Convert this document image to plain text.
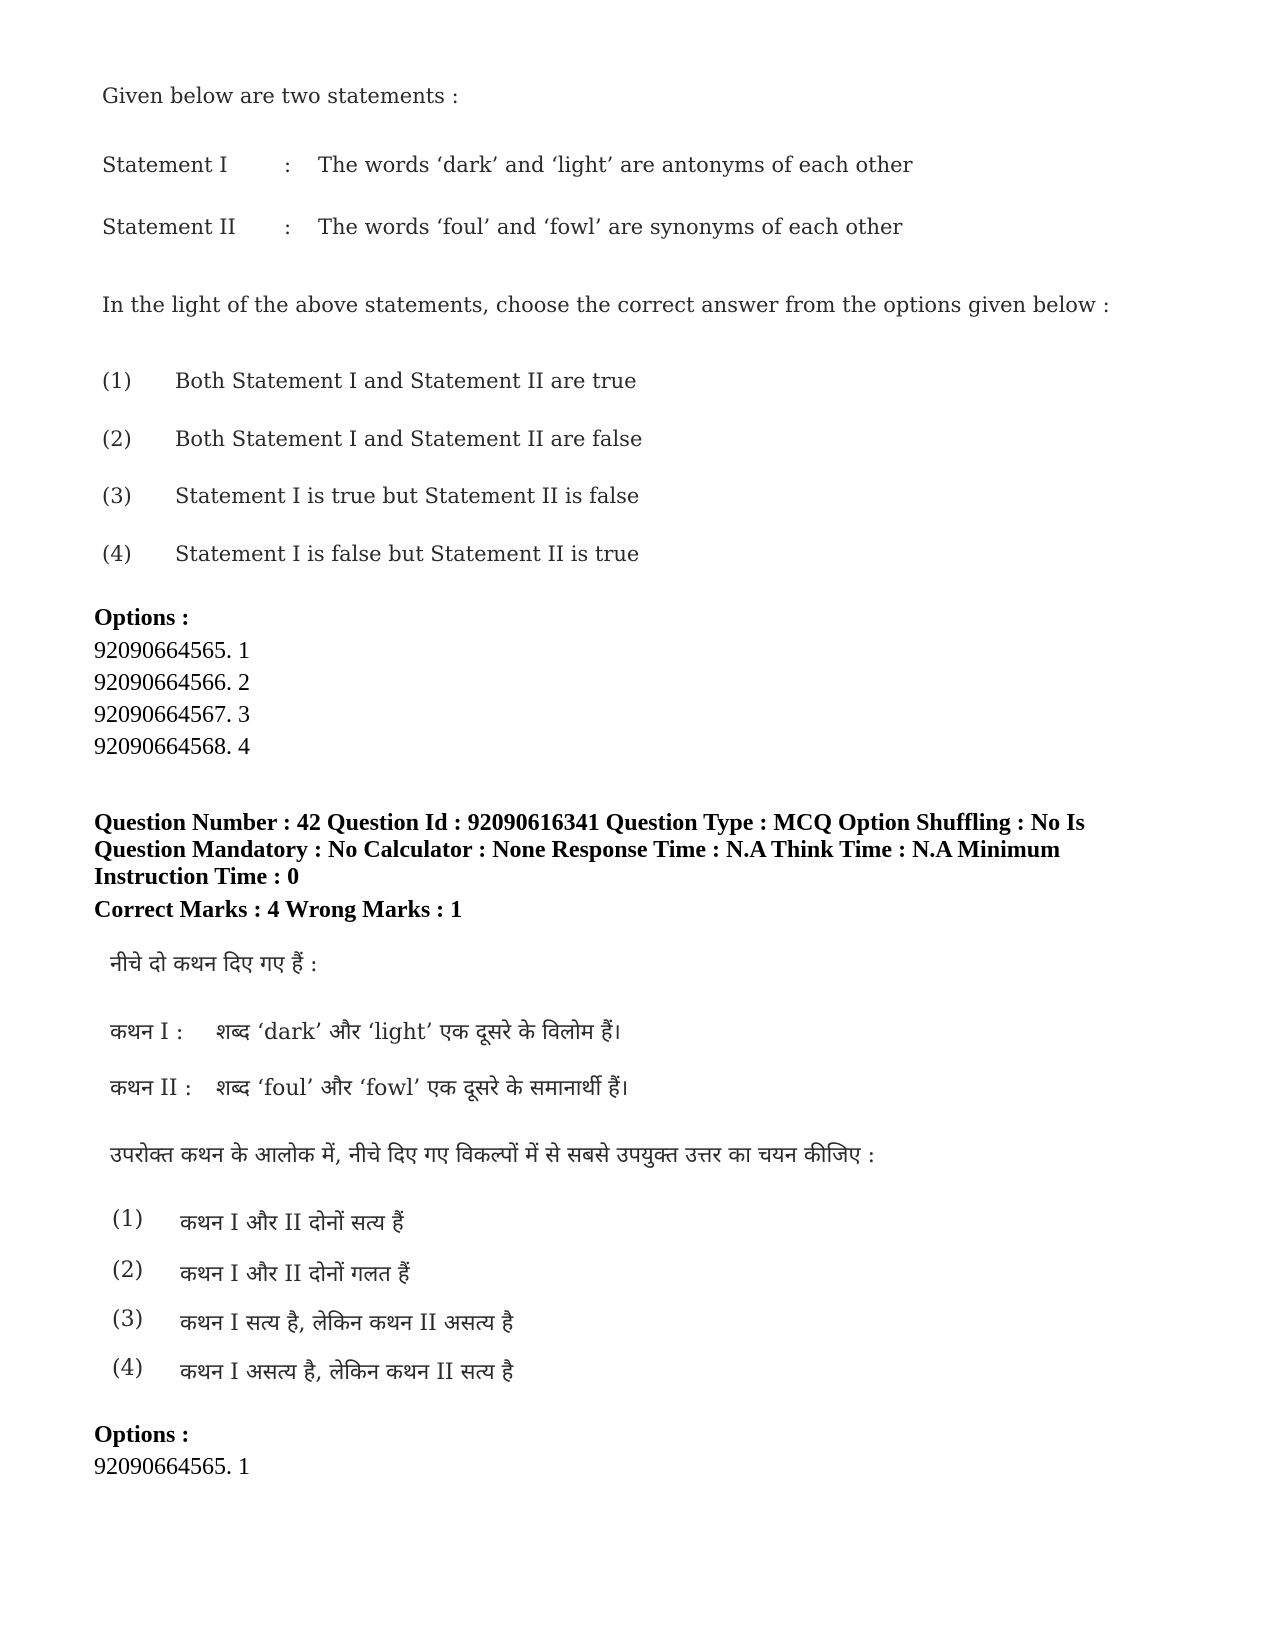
Given below are two statements :
Statement I	: The words ‘dark’ and ‘light’ are antonyms of each other
Statement II : The words ‘foul’ and ‘fowl’ are synonyms of each other
In the light of the above statements, choose the correct answer from the options given below :
(1) Both Statement I and Statement II are true
(2) Both Statement I and Statement II are false
(3) Statement I is true but Statement II is false
(4) Statement I is false but Statement II is true
Options :
92090664565. 1
92090664566. 2
92090664567. 3
92090664568. 4
Question Number : 42 Question Id : 92090616341 Question Type : MCQ Option Shuffling : No Is
Question Mandatory : No Calculator : None Response Time : N.A Think Time : N.A Minimum
Instruction Time : 0
Correct Marks : 4 Wrong Marks : 1
नीचे दो कथन दिए गए हैं :
कथन I : शब्द ‘dark’ और ‘light’ एक दूसरे के विलोम हैं।
कथन II : शब्द ‘foul’ और ‘fowl’ एक दूसरे के समानार्थी हैं।
उपरोक्त कथन के आलोक में, नीचे दिए गए विकल्पों में से सबसे उपयुक्त उत्तर का चयन कीजिए :
(1) कथन I और II दोनों सत्य हैं
(2) कथन I और II दोनों गलत हैं
(3) कथन I सत्य है, लेकिन कथन II असत्य है
(4) कथन I असत्य है, लेकिन कथन II सत्य है
Options :
92090664565. 1
